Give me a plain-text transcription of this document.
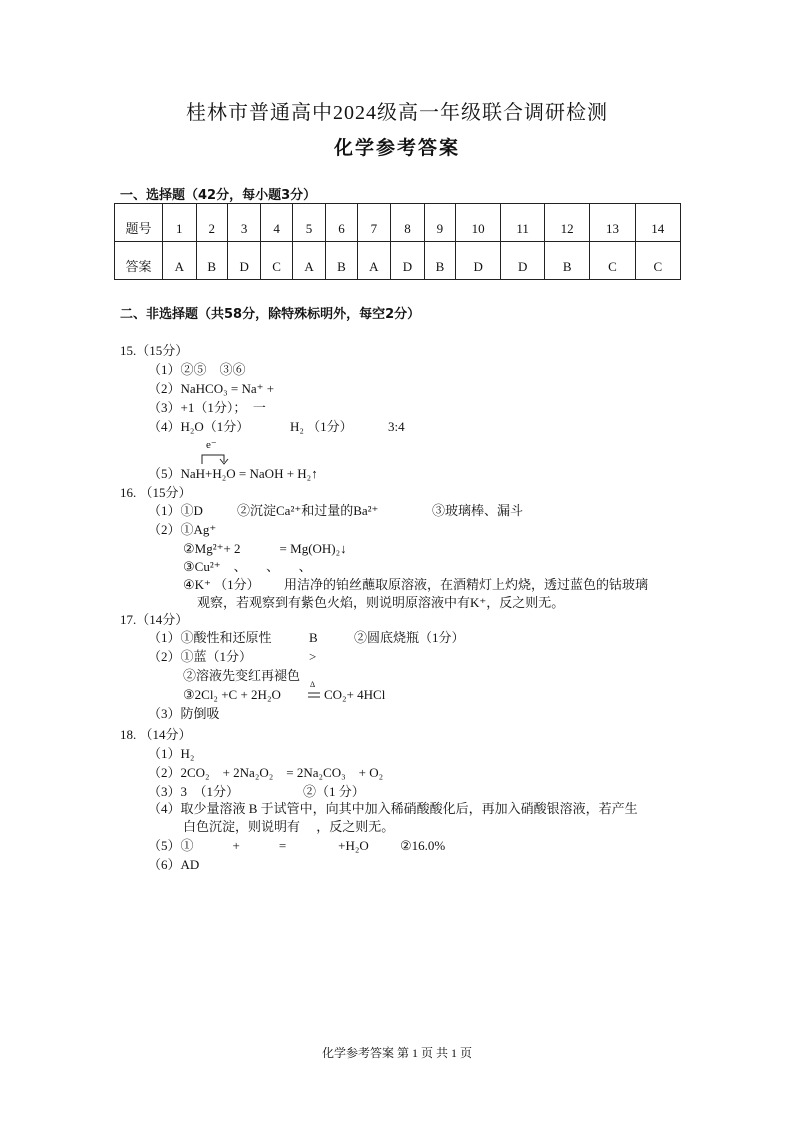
桂林市普通高中2024级高一年级联合调研检测
化学参考答案
一、选择题（42分，每小题3分）
题号	1	2	3	4	5	6	7	8	9	10	11	12	13	14
答案	A	B	D	C	A	B	A	D	B	D	D	B	C	C
二、非选择题（共58分，除特殊标明外，每空2分）
15.（15分）
（1）②⑤　③⑥
（2）NaHCO₃ = Na⁺ +
（3）+1（1分）；　一
（4）H₂O（1分）	H₂ （1分）	3:4
e⁻
（5）NaH+H₂O = NaOH + H₂↑
16. （15分）
（1）①D	②沉淀Ca²⁺和过量的Ba²⁺	③玻璃棒、漏斗
（2）①Ag⁺
②Mg²⁺+ 2　　　= Mg(OH)₂↓
③Cu²⁺　、　　、　　、
④K⁺ （1分） 用洁净的铂丝蘸取原溶液，在酒精灯上灼烧，透过蓝色的钴玻璃
观察，若观察到有紫色火焰，则说明原溶液中有K⁺，反之则无。
17.（14分）
（1）①酸性和还原性	B	②圆底烧瓶（1分）
（2）①蓝（1分）	>
②溶液先变红再褪色
③2Cl₂ +C + 2H₂O
Δ
CO₂+ 4HCl
（3）防倒吸
18. （14分）
（1）H₂
（2）2CO₂　+ 2Na₂O₂　= 2Na₂CO₃　+ O₂
（3）3　（1分）	②（1 分）
（4）取少量溶液 B 于试管中，向其中加入稀硝酸酸化后，再加入硝酸银溶液，若产生
白色沉淀，则说明有　 ，反之则无。
（5）①　　　+　　　=　　　　+H₂O ②16.0%
（6）AD
化学参考答案 第 1 页 共 1 页
